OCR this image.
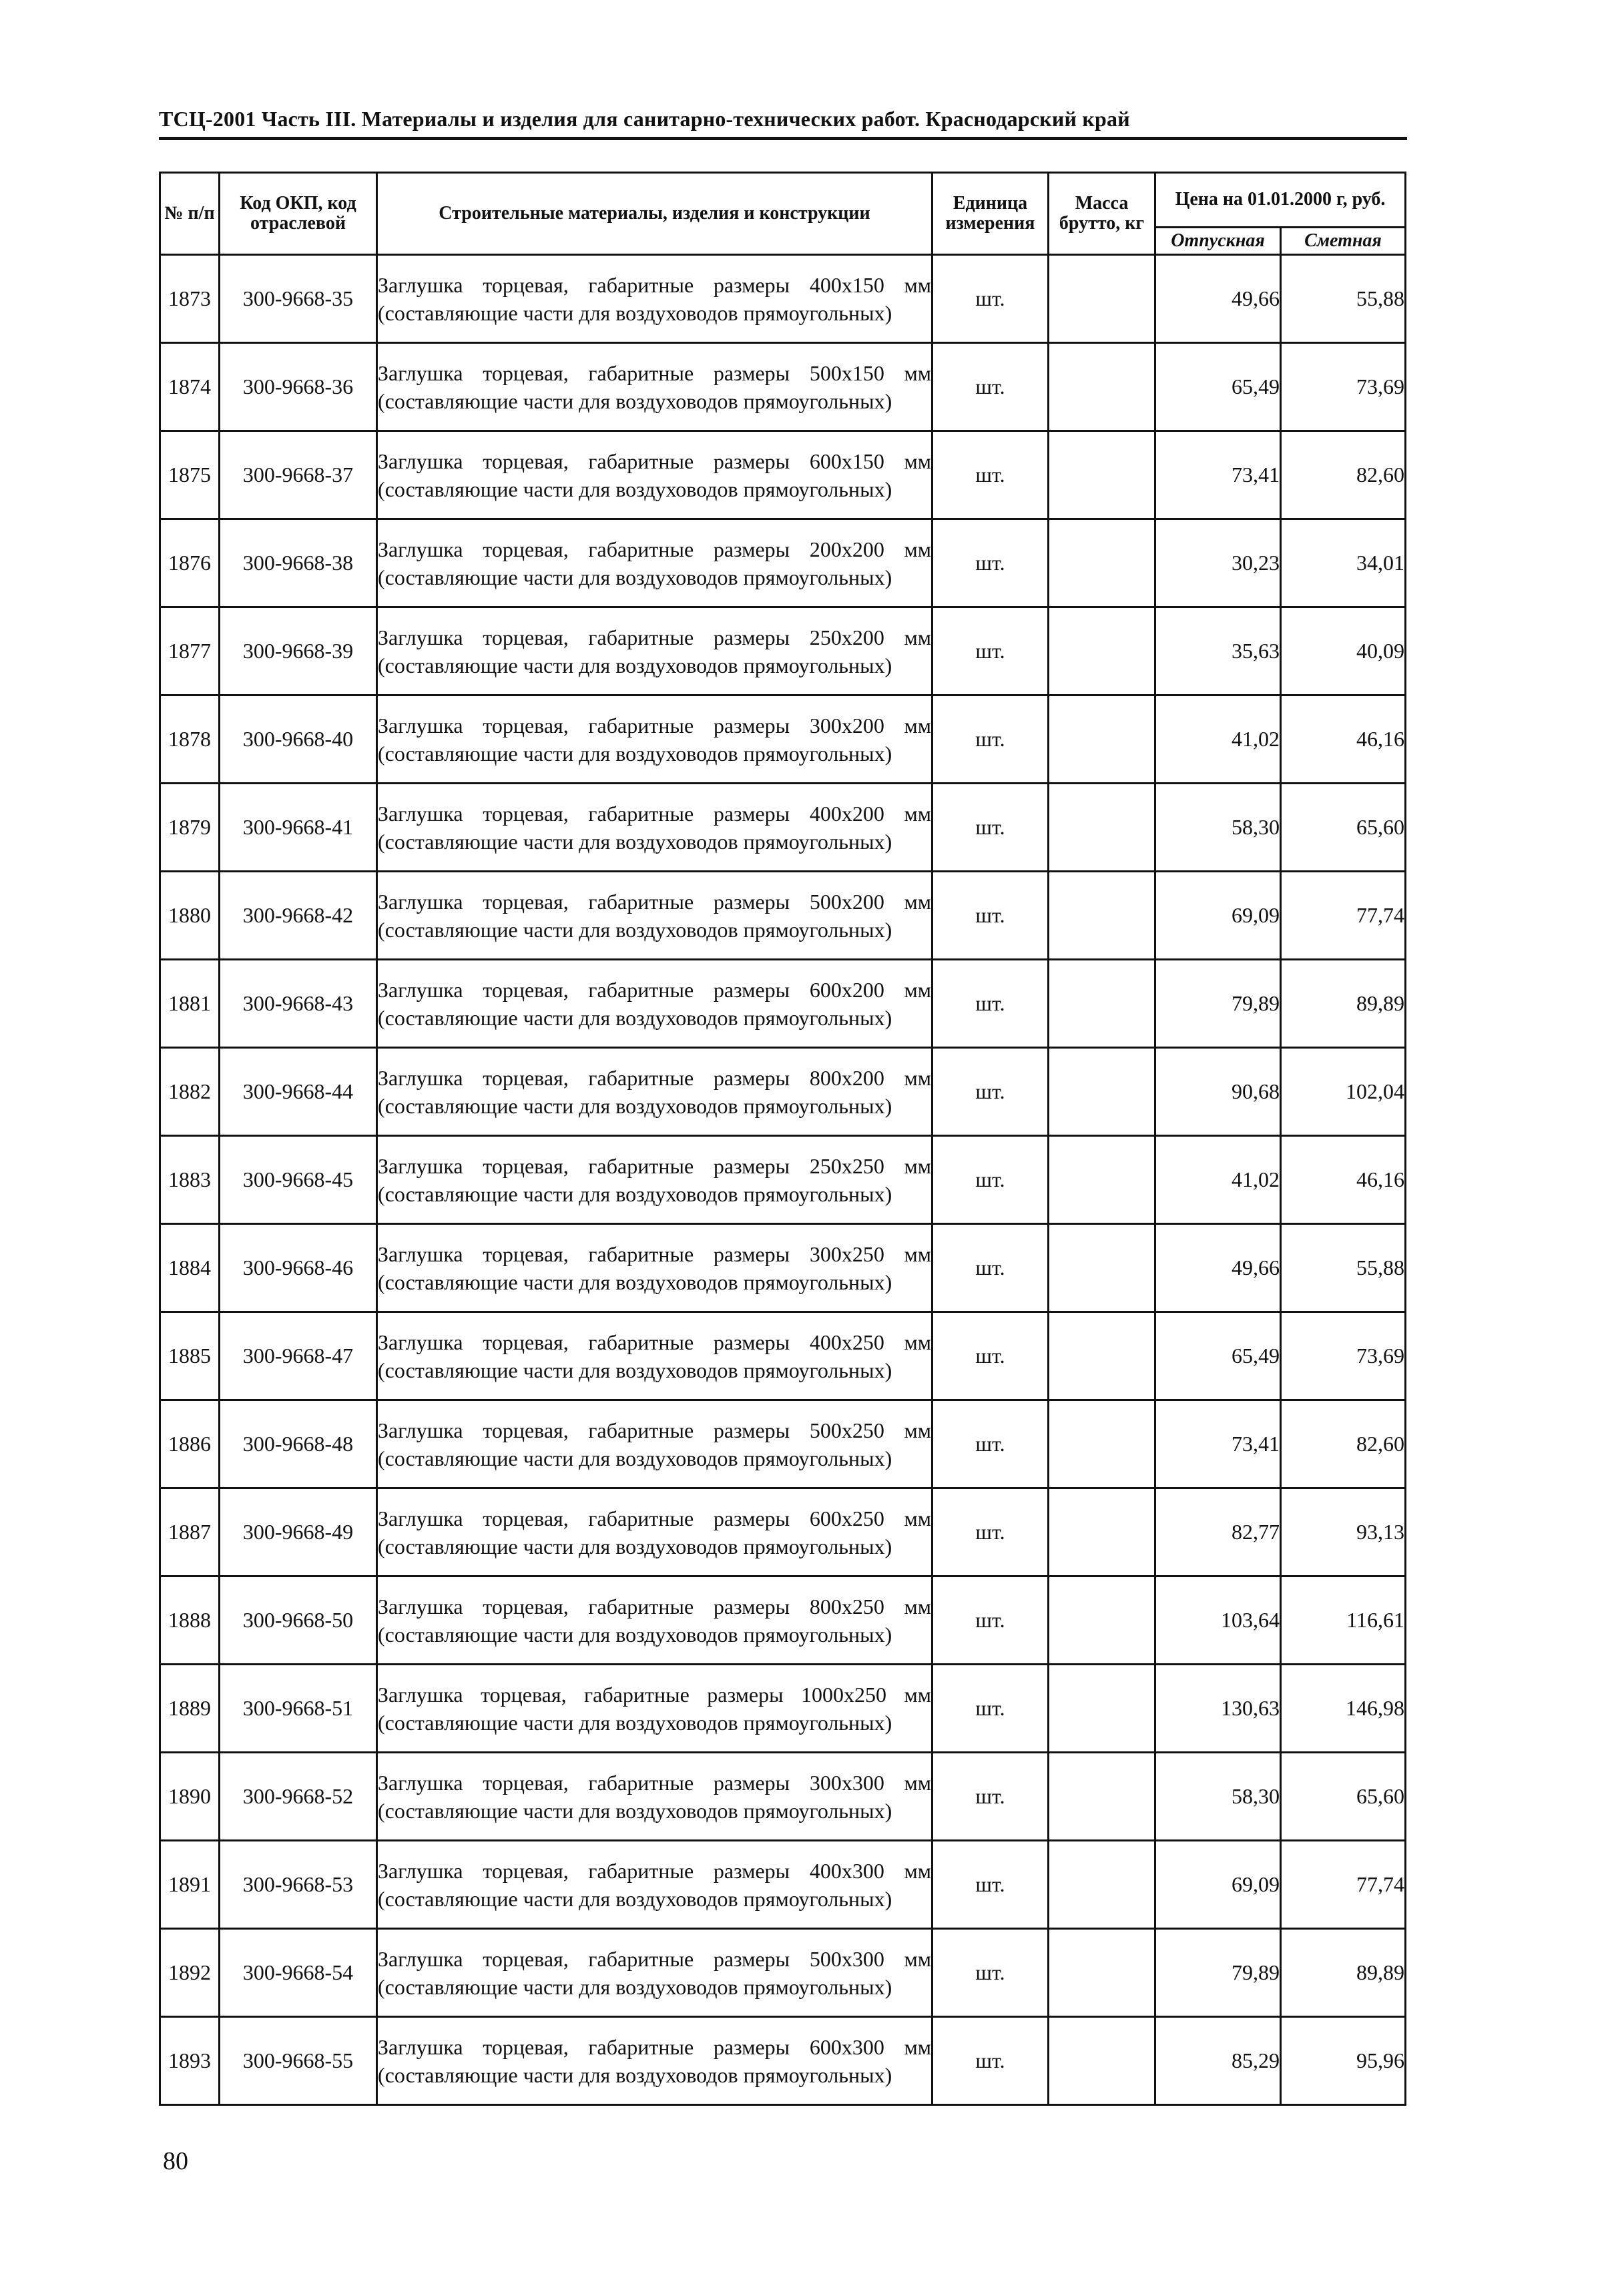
ТСЦ-2001 Часть III. Материалы и изделия для санитарно-технических работ. Краснодарский край
№ п/п	Код ОКП, код отраслевой	Строительные материалы, изделия и конструкции	Единица измерения	Масса брутто, кг	Цена на 01.01.2000 г, руб.	
					Отпускная	Сметная
1873	300-9668-35	Заглушка торцевая, габаритные размеры 400х150 мм (составляющие части для воздуховодов прямоугольных)	шт.		49,66	55,88
1874	300-9668-36	Заглушка торцевая, габаритные размеры 500х150 мм (составляющие части для воздуховодов прямоугольных)	шт.		65,49	73,69
1875	300-9668-37	Заглушка торцевая, габаритные размеры 600х150 мм (составляющие части для воздуховодов прямоугольных)	шт.		73,41	82,60
1876	300-9668-38	Заглушка торцевая, габаритные размеры 200х200 мм (составляющие части для воздуховодов прямоугольных)	шт.		30,23	34,01
1877	300-9668-39	Заглушка торцевая, габаритные размеры 250х200 мм (составляющие части для воздуховодов прямоугольных)	шт.		35,63	40,09
1878	300-9668-40	Заглушка торцевая, габаритные размеры 300х200 мм (составляющие части для воздуховодов прямоугольных)	шт.		41,02	46,16
1879	300-9668-41	Заглушка торцевая, габаритные размеры 400х200 мм (составляющие части для воздуховодов прямоугольных)	шт.		58,30	65,60
1880	300-9668-42	Заглушка торцевая, габаритные размеры 500х200 мм (составляющие части для воздуховодов прямоугольных)	шт.		69,09	77,74
1881	300-9668-43	Заглушка торцевая, габаритные размеры 600х200 мм (составляющие части для воздуховодов прямоугольных)	шт.		79,89	89,89
1882	300-9668-44	Заглушка торцевая, габаритные размеры 800х200 мм (составляющие части для воздуховодов прямоугольных)	шт.		90,68	102,04
1883	300-9668-45	Заглушка торцевая, габаритные размеры 250х250 мм (составляющие части для воздуховодов прямоугольных)	шт.		41,02	46,16
1884	300-9668-46	Заглушка торцевая, габаритные размеры 300х250 мм (составляющие части для воздуховодов прямоугольных)	шт.		49,66	55,88
1885	300-9668-47	Заглушка торцевая, габаритные размеры 400х250 мм (составляющие части для воздуховодов прямоугольных)	шт.		65,49	73,69
1886	300-9668-48	Заглушка торцевая, габаритные размеры 500х250 мм (составляющие части для воздуховодов прямоугольных)	шт.		73,41	82,60
1887	300-9668-49	Заглушка торцевая, габаритные размеры 600х250 мм (составляющие части для воздуховодов прямоугольных)	шт.		82,77	93,13
1888	300-9668-50	Заглушка торцевая, габаритные размеры 800х250 мм (составляющие части для воздуховодов прямоугольных)	шт.		103,64	116,61
1889	300-9668-51	Заглушка торцевая, габаритные размеры 1000х250 мм (составляющие части для воздуховодов прямоугольных)	шт.		130,63	146,98
1890	300-9668-52	Заглушка торцевая, габаритные размеры 300х300 мм (составляющие части для воздуховодов прямоугольных)	шт.		58,30	65,60
1891	300-9668-53	Заглушка торцевая, габаритные размеры 400х300 мм (составляющие части для воздуховодов прямоугольных)	шт.		69,09	77,74
1892	300-9668-54	Заглушка торцевая, габаритные размеры 500х300 мм (составляющие части для воздуховодов прямоугольных)	шт.		79,89	89,89
1893	300-9668-55	Заглушка торцевая, габаритные размеры 600х300 мм (составляющие части для воздуховодов прямоугольных)	шт.		85,29	95,96
80
